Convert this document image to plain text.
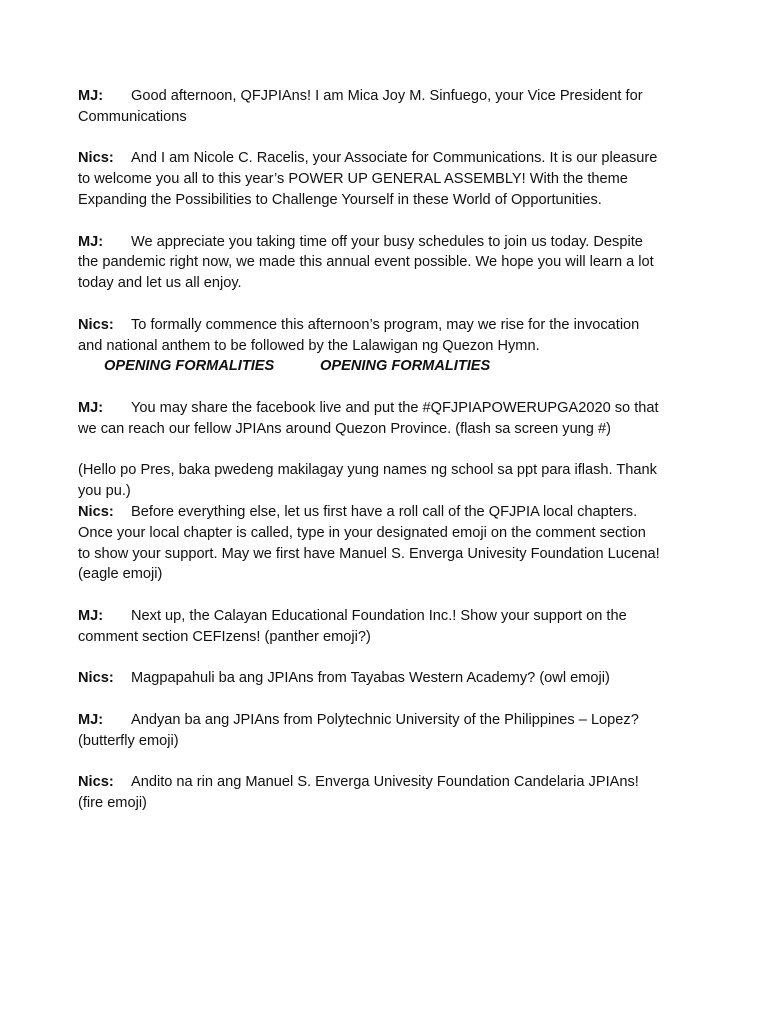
MJ: Good afternoon, QFJPIAns! I am Mica Joy M. Sinfuego, your Vice President for Communications

Nics: And I am Nicole C. Racelis, your Associate for Communications. It is our pleasure to welcome you all to this year’s POWER UP GENERAL ASSEMBLY! With the theme Expanding the Possibilities to Challenge Yourself in these World of Opportunities.

MJ: We appreciate you taking time off your busy schedules to join us today. Despite the pandemic right now, we made this annual event possible. We hope you will learn a lot today and let us all enjoy.

Nics: To formally commence this afternoon’s program, may we rise for the invocation and national anthem to be followed by the Lalawigan ng Quezon Hymn.

OPENING FORMALITIES	OPENING FORMALITIES

MJ: You may share the facebook live and put the #QFJPIAPOWERUPGA2020 so that we can reach our fellow JPIAns around Quezon Province. (flash sa screen yung #)

(Hello po Pres, baka pwedeng makilagay yung names ng school sa ppt para iflash. Thank you pu.)

Nics: Before everything else, let us first have a roll call of the QFJPIA local chapters. Once your local chapter is called, type in your designated emoji on the comment section to show your support. May we first have Manuel S. Enverga Univesity Foundation Lucena! (eagle emoji)

MJ: Next up, the Calayan Educational Foundation Inc.! Show your support on the comment section CEFIzens! (panther emoji?)

Nics: Magpapahuli ba ang JPIAns from Tayabas Western Academy? (owl emoji)

MJ: Andyan ba ang JPIAns from Polytechnic University of the Philippines – Lopez? (butterfly emoji)

Nics: Andito na rin ang Manuel S. Enverga Univesity Foundation Candelaria JPIAns! (fire emoji)
